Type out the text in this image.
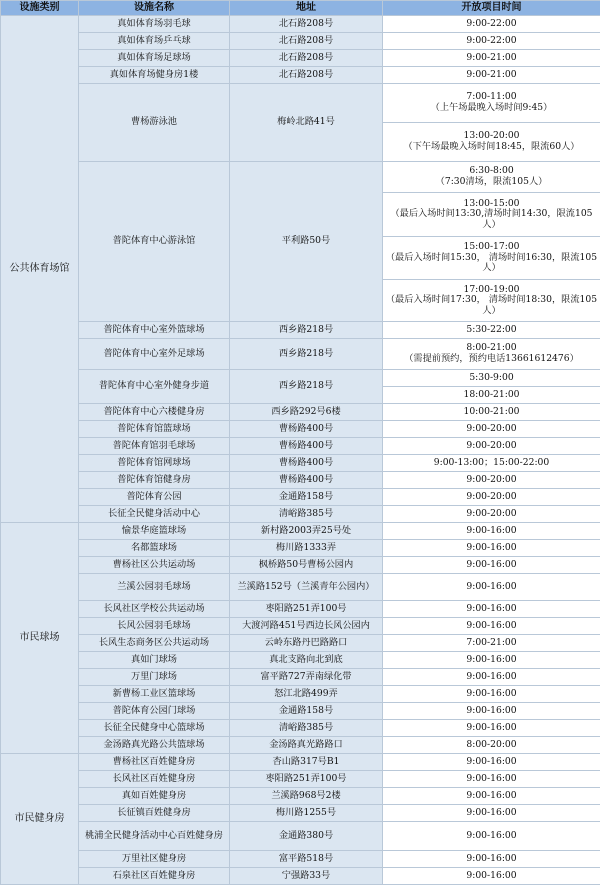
设施类别	设施名称	地址	开放项目时间
公共体育场馆	真如体育场羽毛球	北石路208号	9:00-22:00
	真如体育场乒乓球	北石路208号	9:00-22:00
	真如体育场足球场	北石路208号	9:00-21:00
	真如体育场健身房1楼	北石路208号	9:00-21:00
	曹杨游泳池	梅岭北路41号	7:00-11:00
（上午场最晚入场时间9:45）
			13:00-20:00
（下午场最晚入场时间18:45，限流60人）
	普陀体育中心游泳馆	平利路50号	6:30-8:00
（7:30清场，限流105人）
			13:00-15:00
（最后入场时间13:30,清场时间14:30，限流105人）
			15:00-17:00
（最后入场时间15:30， 清场时间16:30，限流105人）
			17:00-19:00
（最后入场时间17:30， 清场时间18:30，限流105人）
	普陀体育中心室外篮球场	西乡路218号	5:30-22:00
	普陀体育中心室外足球场	西乡路218号	8:00-21:00
（需提前预约，预约电话13661612476）
	普陀体育中心室外健身步道	西乡路218号	5:30-9:00
			18:00-21:00
	普陀体育中心六楼健身房	西乡路292号6楼	10:00-21:00
	普陀体育馆篮球场	曹杨路400号	9:00-20:00
	普陀体育馆羽毛球场	曹杨路400号	9:00-20:00
	普陀体育馆网球场	曹杨路400号	9:00-13:00；15:00-22:00
	普陀体育馆健身房	曹杨路400号	9:00-20:00
	普陀体育公园	金通路158号	9:00-20:00
	长征全民健身活动中心	清峪路385号	9:00-20:00
市民球场	愉景华庭篮球场	新村路2003弄25号处	9:00-16:00
	名都篮球场	梅川路1333弄	9:00-16:00
	曹杨社区公共运动场	枫桥路50号曹杨公园内	9:00-16:00
	兰溪公园羽毛球场	兰溪路152号（兰溪青年公园内）	9:00-16:00
	长风社区学校公共运动场	枣阳路251弄100号	9:00-16:00
	长风公园羽毛球场	大渡河路451号西边长风公园内	9:00-16:00
	长风生态商务区公共运动场	云岭东路丹巴路路口	7:00-21:00
	真如门球场	真北支路向北到底	9:00-16:00
	万里门球场	富平路727弄南绿化带	9:00-16:00
	新曹杨工业区篮球场	怒江北路499弄	9:00-16:00
	普陀体育公园门球场	金通路158号	9:00-16:00
	长征全民健身中心篮球场	清峪路385号	9:00-16:00
	金汤路真光路公共篮球场	金汤路真光路路口	8:00-20:00
市民健身房	曹杨社区百姓健身房	杏山路317号B1	9:00-16:00
	长风社区百姓健身房	枣阳路251弄100号	9:00-16:00
	真如百姓健身房	兰溪路968号2楼	9:00-16:00
	长征镇百姓健身房	梅川路1255号	9:00-16:00
	桃浦全民健身活动中心百姓健身房	金通路380号	9:00-16:00
	万里社区健身房	富平路518号	9:00-16:00
	石泉社区百姓健身房	宁强路33号	9:00-16:00
